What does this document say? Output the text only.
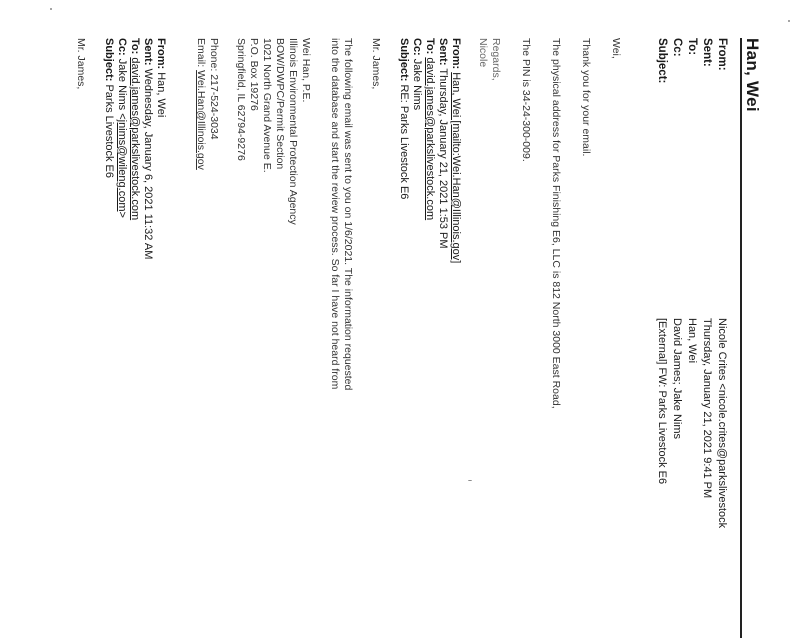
Han, Wei
From:
Sent:
To:
Cc:
Subject:
Nicole Crites <nicole.crites@parkslivestock
Thursday, January 21, 2021 9:41 PM
Han, Wei
David James; Jake Nims
[External] FW: Parks Livestock E6
Wei,
Thank you for your email.
The physical address for Parks Finishing E6, LLC is 812 North 3000 East Road,
The PIN is 34-24-300-009.
Regards,
Nicole
From: Han, Wei [mailto:Wei.Han@Illinois.gov]
Sent: Thursday, January 21, 2021 1:53 PM
To: david.james@parkslivestock.com
Cc: Jake Nims
Subject: RE: Parks Livestock E6
Mr. James,
The following email was sent to you on 1/6/2021. The information requested
into the database and start the review process. So far I have not heard from
Wei Han, P.E.
Illinois Environmental Protection Agency
BOW/DWPC/Permit Section
1021 North Grand Avenue E.
P.O. Box 19276
Springfield, IL 62794-9276
Phone: 217-524-3034
Email: Wei.Han@Illinois.gov
From: Han, Wei
Sent: Wednesday, January 6, 2021 11:32 AM
To: david.james@parkslivestock.com
Cc: Jake Nims <jnims@wileng.com>
Subject: Parks Livestock E6
Mr. James,
